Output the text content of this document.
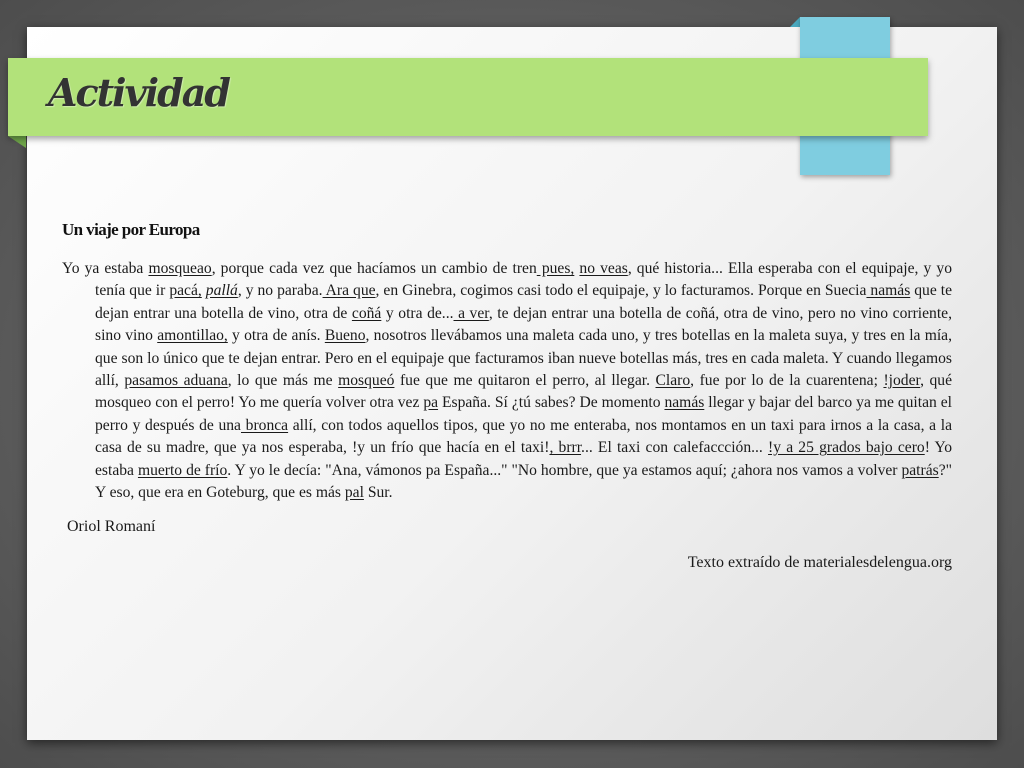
Actividad
Un viaje por Europa

Yo ya estaba mosqueao, porque cada vez que hacíamos un cambio de tren pues, no veas, qué historia... Ella esperaba con el equipaje, y yo tenía que ir pacá, pallá, y no paraba. Ara que, en Ginebra, cogimos casi todo el equipaje, y lo facturamos. Porque en Suecia namás que te dejan entrar una botella de vino, otra de coñá y otra de... a ver, te dejan entrar una botella de coñá, otra de vino, pero no vino corriente, sino vino amontillao, y otra de anís. Bueno, nosotros llevábamos una maleta cada uno, y tres botellas en la maleta suya, y tres en la mía, que son lo único que te dejan entrar. Pero en el equipaje que facturamos iban nueve botellas más, tres en cada maleta. Y cuando llegamos allí, pasamos aduana, lo que más me mosqueó fue que me quitaron el perro, al llegar. Claro, fue por lo de la cuarentena; !joder, qué mosqueo con el perro! Yo me quería volver otra vez pa España. Sí ¿tú sabes? De momento namás llegar y bajar del barco ya me quitan el perro y después de una bronca allí, con todos aquellos tipos, que yo no me enteraba, nos montamos en un taxi para irnos a la casa, a la casa de su madre, que ya nos esperaba, !y un frío que hacía en el taxi!, brrr... El taxi con calefaccción... !y a 25 grados bajo cero! Yo estaba muerto de frío. Y yo le decía: "Ana, vámonos pa España..." "No hombre, que ya estamos aquí; ¿ahora nos vamos a volver patrás?" Y eso, que era en Goteburg, que es más pal Sur.

Oriol Romaní
Texto extraído de materialesdelengua.org
